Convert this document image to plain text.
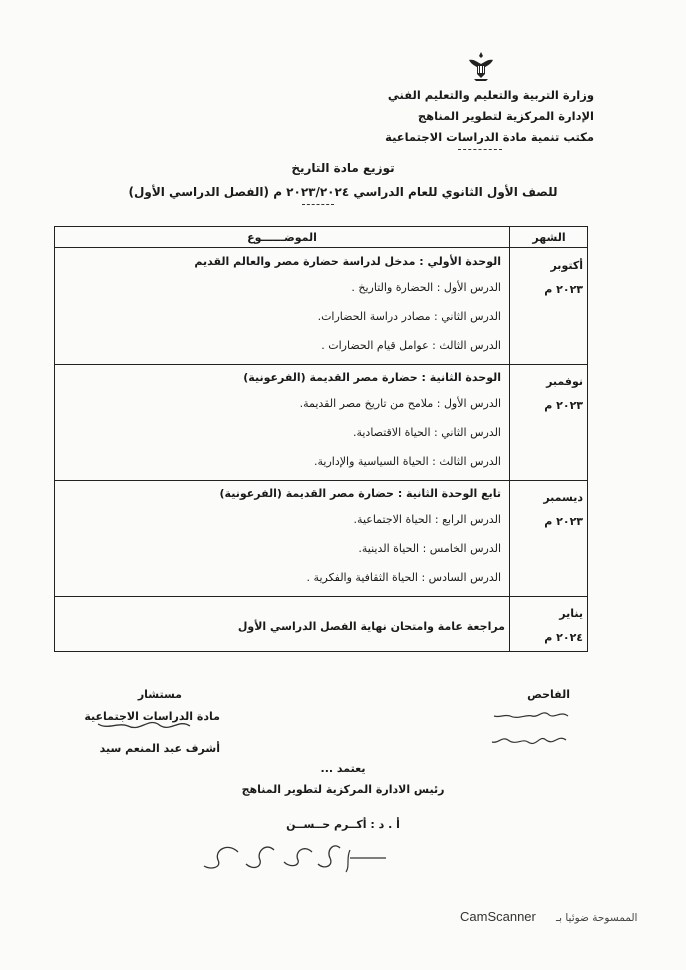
وزارة التربية والتعليم والتعليم الفني
الإدارة المركزية لتطوير المناهج
مكتب تنمية مادة الدراسات الاجتماعية
توزيع مادة التاريخ
للصف الأول الثانوي للعام الدراسي ٢٠٢٣/٢٠٢٤ م (الفصل الدراسي الأول)
الشهر
الموضــــــوع
أكتوبر
٢٠٢٣ م
الوحدة الأولي : مدخل لدراسة حضارة مصر والعالم القديم
الدرس الأول : الحضارة والتاريخ .
الدرس الثاني : مصادر دراسة الحضارات.
الدرس الثالث : عوامل قيام الحضارات .
نوفمبر
٢٠٢٣ م
الوحدة الثانية : حضارة مصر القديمة (الفرعونية)
الدرس الأول : ملامح من تاريخ مصر القديمة.
الدرس الثاني : الحياة الاقتصادية.
الدرس الثالث : الحياة السياسية والإدارية.
ديسمبر
٢٠٢٣ م
تابع الوحدة الثانية : حضارة مصر القديمة (الفرعونية)
الدرس الرابع : الحياة الاجتماعية.
الدرس الخامس : الحياة الدينية.
الدرس السادس : الحياة الثقافية والفكرية .
يناير
٢٠٢٤ م
مراجعة عامة وامتحان نهاية الفصل الدراسي الأول
الفاحص
مستشار
مادة الدراسات الاجتماعية
أشرف عبد المنعم سيد
يعتمد ...
رئيس الادارة المركزية لتطوير المناهج
أ . د : أكــرم حــســن
CamScanner الممسوحة ضوئيا بـ
